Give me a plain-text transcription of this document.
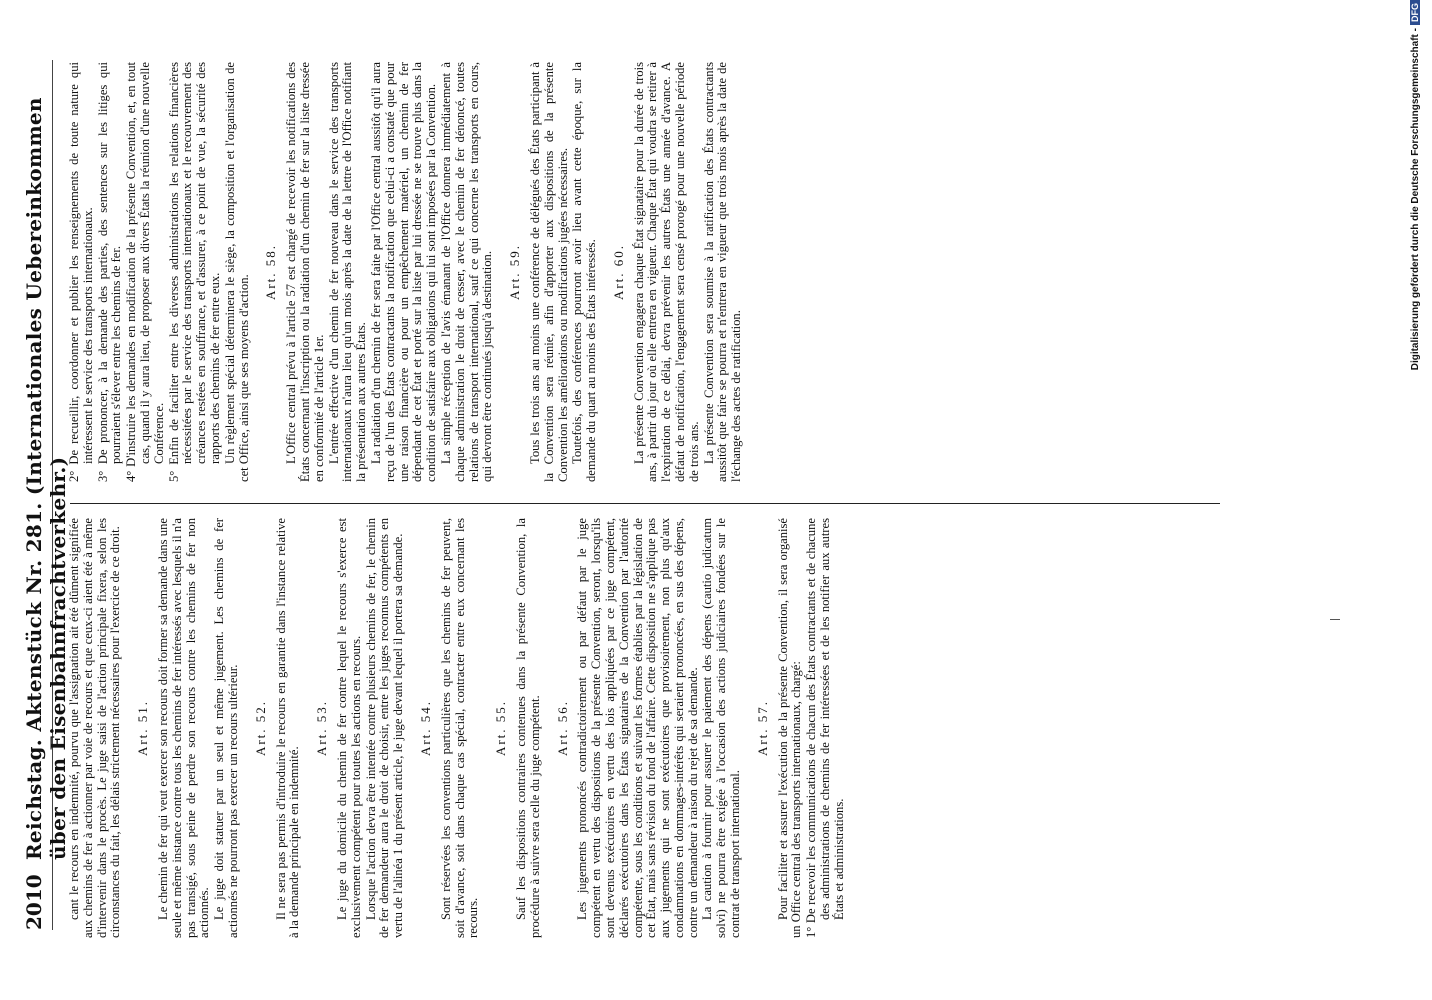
2010
Reichstag. Aktenstück Nr. 281. (Internationales Uebereinkommen über den Eisenbahnfrachtverkehr.)

cant le recours en indemnité, pourvu que l'assignation ait été dûment signifiée aux chemins de fer à actionner par voie de recours et que ceux-ci aient été à même d'intervenir dans le procès. Le juge saisi de l'action principale fixera, selon les circonstances du fait, les délais strictement nécessaires pour l'exercice de ce droit. Art. 51. Le chemin de fer qui veut exercer son recours doit former sa demande dans une seule et même instance contre tous les chemins de fer intéressés avec lesquels il n'a pas transigé, sous peine de perdre son recours contre les chemins de fer non actionnés. Le juge doit statuer par un seul et même jugement. Les chemins de fer actionnés ne pourront pas exercer un recours ultérieur. Art. 52. Il ne sera pas permis d'introduire le recours en garantie dans l'instance relative à la demande principale en indemnité.

Art. 53. Le juge du domicile du chemin de fer contre lequel le recours s'exerce est exclusivement compétent pour toutes les actions en recours. Lorsque l'action devra être intentée contre plusieurs chemins de fer, le chemin de fer demandeur aura le droit de choisir, entre les juges reconnus compétents en vertu de l'alinéa 1 du présent article, le juge devant lequel il portera sa demande. Art. 54. Sont réservées les conventions particulières que les chemins de fer peuvent, soit d'avance, soit dans chaque cas spécial, contracter entre eux concernant les recours.

Art. 55. Sauf les dispositions contraires contenues dans la présente Convention, la procédure à suivre sera celle du juge compétent. Art. 56. Les jugements prononcés contradictoirement ou par défaut par le juge compétent en vertu des dispositions de la présente Convention, seront, lorsqu'ils sont devenus exécutoires en vertu des lois appliquées par ce juge compétent, déclarés exécutoires dans les États signataires de la Convention par l'autorité compétente, sous les conditions et suivant les formes établies par la législation de cet État, mais sans révision du fond de l'affaire. Cette disposition ne s'applique pas aux jugements qui ne sont exécutoires que provisoirement, non plus qu'aux condamnations en dommages-intérêts qui seraient prononcées, en sus des dépens, contre un demandeur à raison du rejet de sa demande. La caution à fournir pour assurer le paiement des dépens (cautio judicatum solvi) ne pourra être exigée à l'occasion des actions judiciaires fondées sur le contrat de transport international.

Art. 57. Pour faciliter et assurer l'exécution de la présente Convention, il sera organisé un Office central des transports internationaux, chargé: 1° De recevoir les communications de chacun des États contractants et de chacune des administrations de chemins de fer intéressées et de les notifier aux autres États et administrations.

2° De recueillir, coordonner et publier les renseignements de toute nature qui intéressent le service des transports internationaux. 3° De prononcer, à la demande des parties, des sentences sur les litiges qui pourraient s'élever entre les chemins de fer. 4° D'instruire les demandes en modification de la présente Convention, et, en tout cas, quand il y aura lieu, de proposer aux divers États la réunion d'une nouvelle Conférence. 5° Enfin de faciliter entre les diverses administrations les relations financières nécessitées par le service des transports internationaux et le recouvrement des créances restées en souffrance, et d'assurer, à ce point de vue, la sécurité des rapports des chemins de fer entre eux. Un règlement spécial déterminera le siège, la composition et l'organisation de cet Office, ainsi que ses moyens d'action.

Art. 58. L'Office central prévu à l'article 57 est chargé de recevoir les notifications des États concernant l'inscription ou la radiation d'un chemin de fer sur la liste dressée en conformité de l'article 1er. L'entrée effective d'un chemin de fer nouveau dans le service des transports internationaux n'aura lieu qu'un mois après la date de la lettre de l'Office notifiant la présentation aux autres États. La radiation d'un chemin de fer sera faite par l'Office central aussitôt qu'il aura reçu de l'un des États contractants la notification que celui-ci a constaté que pour une raison financière ou pour un empêchement matériel, un chemin de fer dépendant de cet État et porté sur la liste par lui dressée ne se trouve plus dans la condition de satisfaire aux obligations qui lui sont imposées par la Convention. La simple réception de l'avis émanant de l'Office donnera immédiatement à chaque administration le droit de cesser, avec le chemin de fer dénoncé, toutes relations de transport international, sauf ce qui concerne les transports en cours, qui devront être continués jusqu'à destination. Art. 59. Tous les trois ans au moins une conférence de délégués des États participant à la Convention sera réunie, afin d'apporter aux dispositions de la présente Convention les améliorations ou modifications jugées nécessaires. Toutefois, des conférences pourront avoir lieu avant cette époque, sur la demande du quart au moins des États intéressés. Art. 60. La présente Convention engagera chaque État signataire pour la durée de trois ans, à partir du jour où elle entrera en vigueur. Chaque État qui voudra se retirer à l'expiration de ce délai, devra prévenir les autres États une année d'avance. A défaut de notification, l'engagement sera censé prorogé pour une nouvelle période de trois ans. La présente Convention sera soumise à la ratification des États contractants aussitôt que faire se pourra et n'entrera en vigueur que trois mois après la date de l'échange des actes de ratification.

Digitalisierung gefördert durch die Deutsche Forschungsgemeinschaft -DFG
